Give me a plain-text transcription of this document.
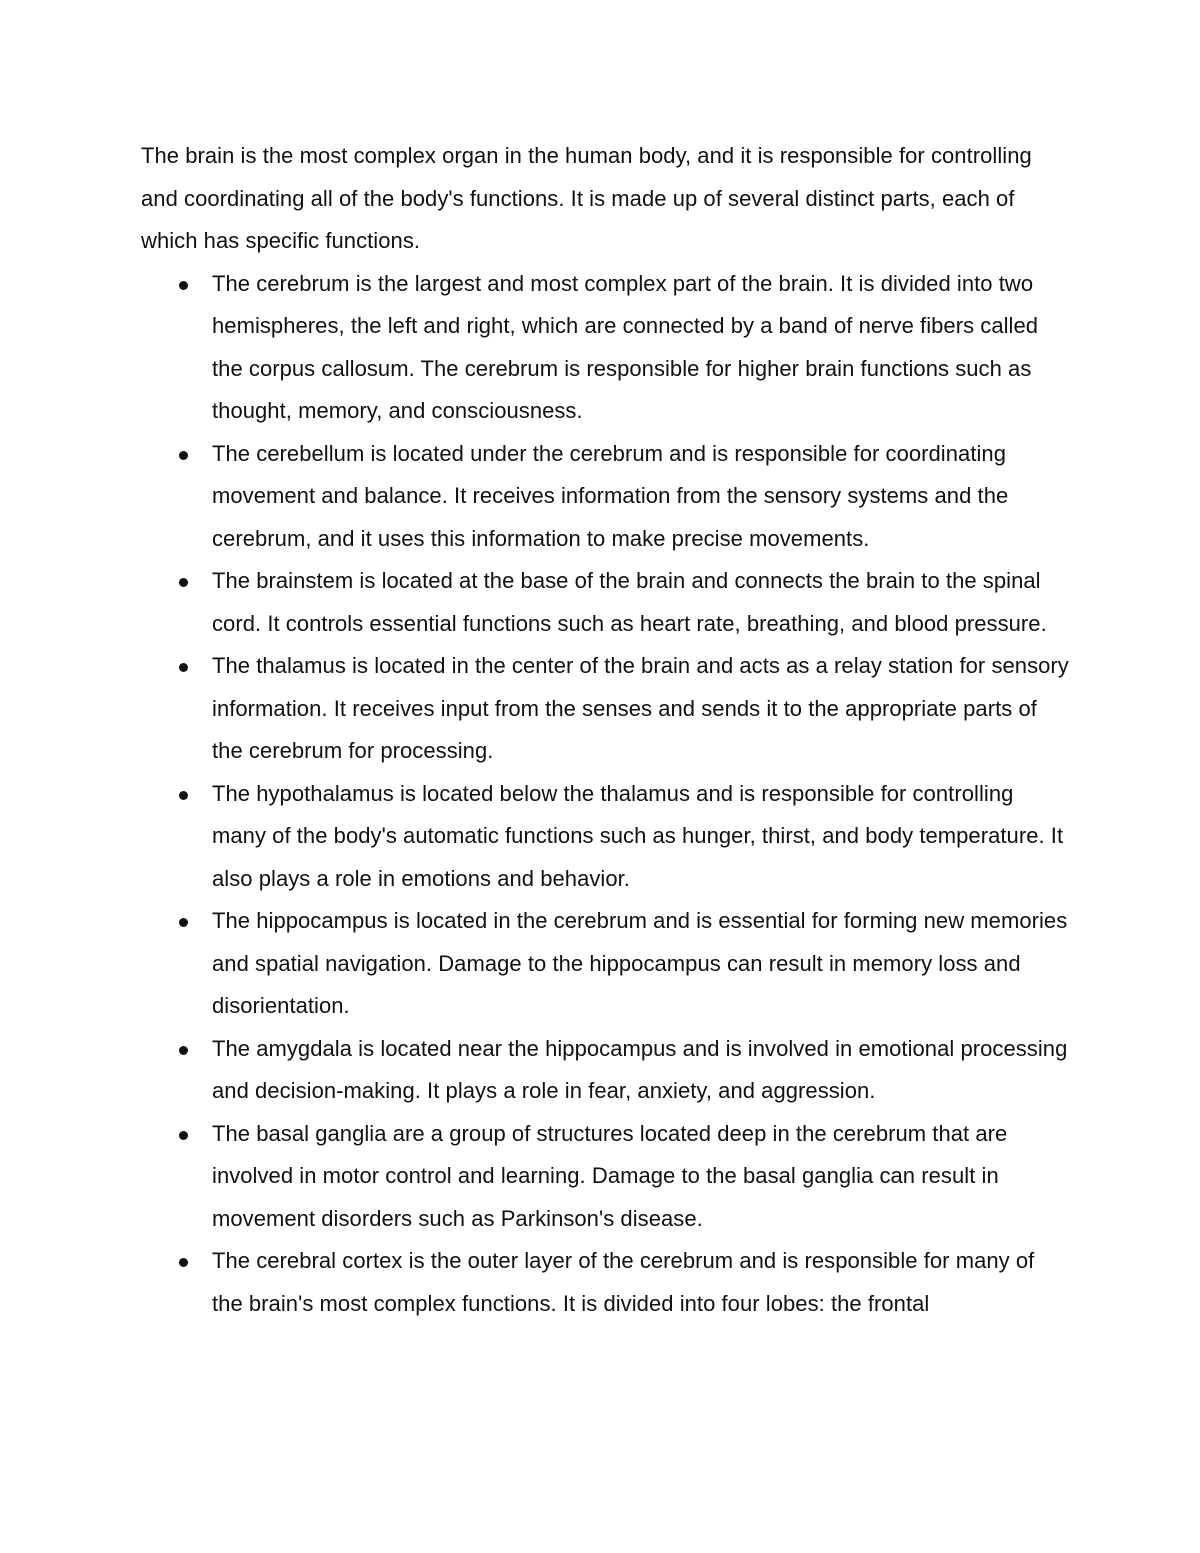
The brain is the most complex organ in the human body, and it is responsible for controlling and coordinating all of the body's functions. It is made up of several distinct parts, each of which has specific functions.

The cerebrum is the largest and most complex part of the brain. It is divided into two hemispheres, the left and right, which are connected by a band of nerve fibers called the corpus callosum. The cerebrum is responsible for higher brain functions such as thought, memory, and consciousness.
The cerebellum is located under the cerebrum and is responsible for coordinating movement and balance. It receives information from the sensory systems and the cerebrum, and it uses this information to make precise movements.
The brainstem is located at the base of the brain and connects the brain to the spinal cord. It controls essential functions such as heart rate, breathing, and blood pressure.
The thalamus is located in the center of the brain and acts as a relay station for sensory information. It receives input from the senses and sends it to the appropriate parts of the cerebrum for processing.
The hypothalamus is located below the thalamus and is responsible for controlling many of the body's automatic functions such as hunger, thirst, and body temperature. It also plays a role in emotions and behavior.
The hippocampus is located in the cerebrum and is essential for forming new memories and spatial navigation. Damage to the hippocampus can result in memory loss and disorientation.
The amygdala is located near the hippocampus and is involved in emotional processing and decision-making. It plays a role in fear, anxiety, and aggression.
The basal ganglia are a group of structures located deep in the cerebrum that are involved in motor control and learning. Damage to the basal ganglia can result in movement disorders such as Parkinson's disease.
The cerebral cortex is the outer layer of the cerebrum and is responsible for many of the brain's most complex functions. It is divided into four lobes: the frontal
